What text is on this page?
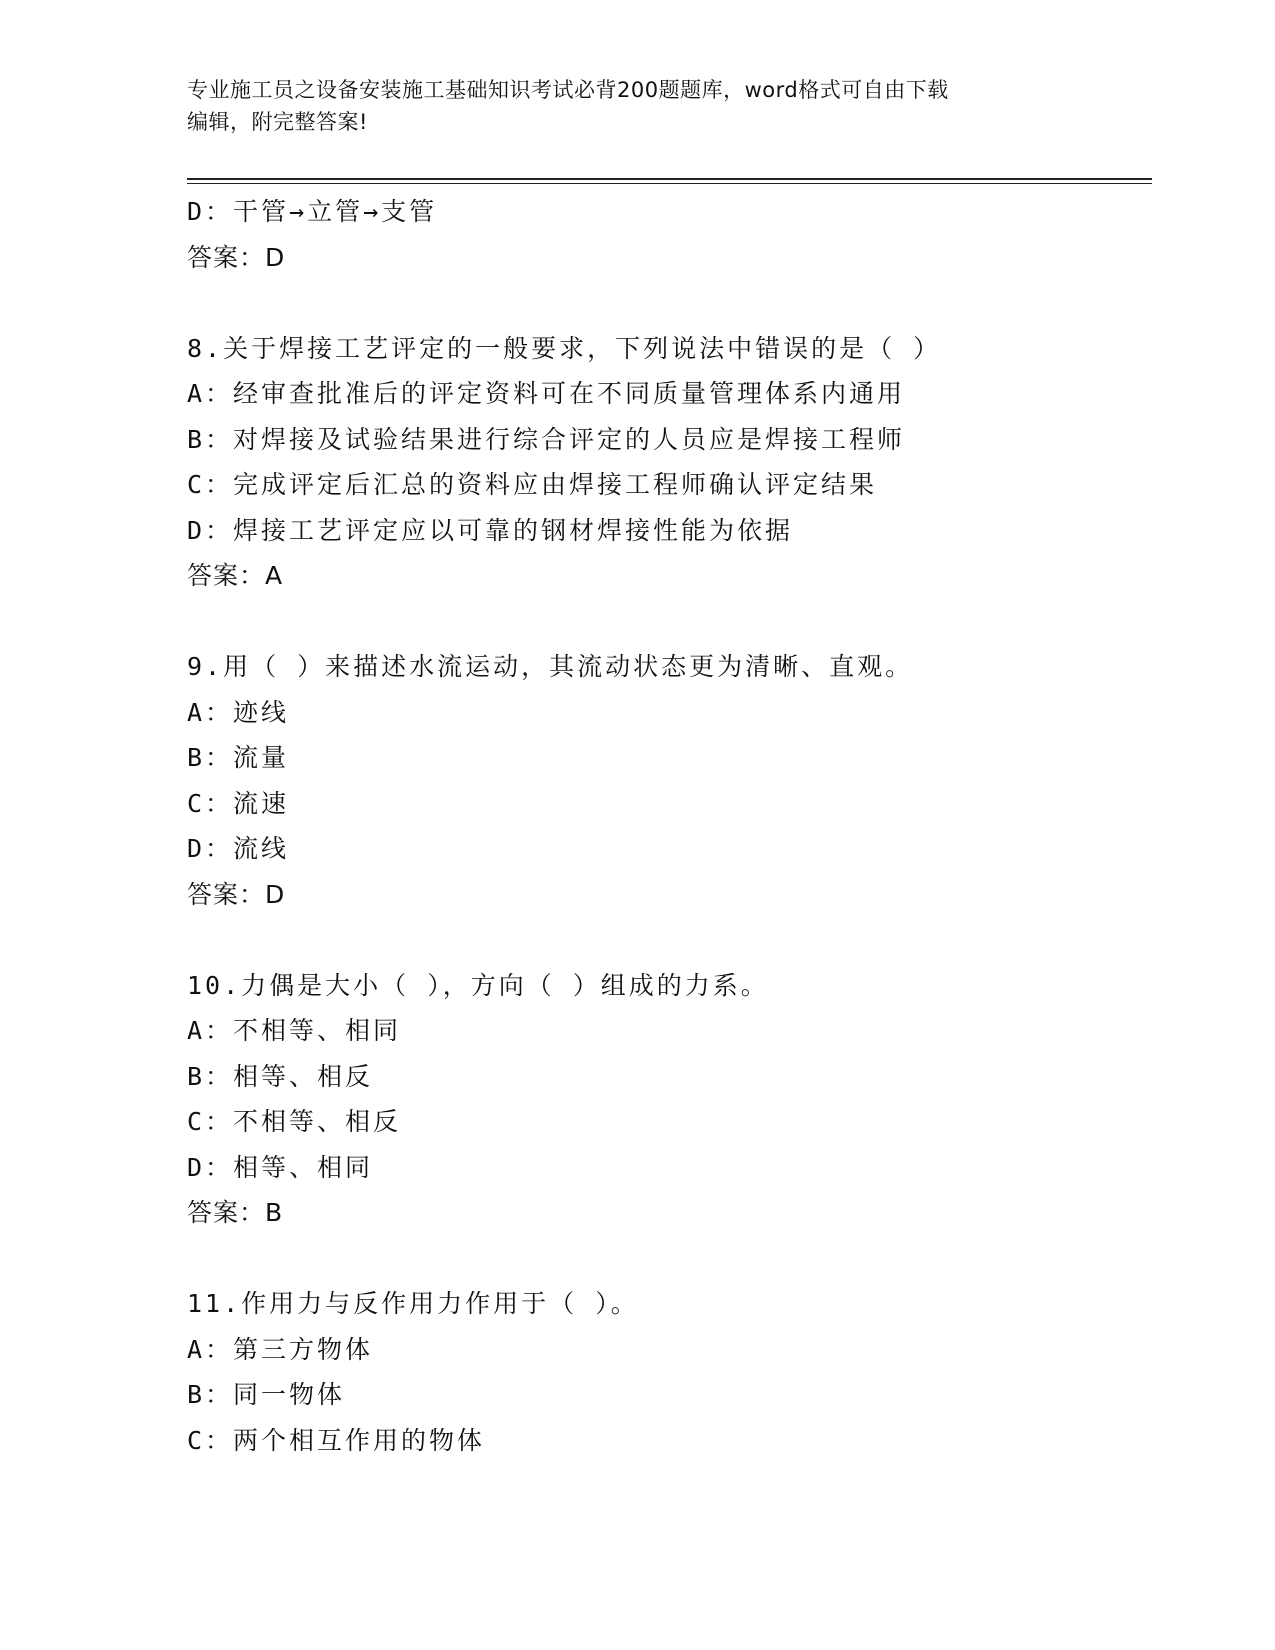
专业施工员之设备安装施工基础知识考试必背200题题库，word格式可自由下载
编辑，附完整答案!
D：干管→立管→支管
答案：D
8.关于焊接工艺评定的一般要求，下列说法中错误的是（ ）
A：经审查批准后的评定资料可在不同质量管理体系内通用
B：对焊接及试验结果进行综合评定的人员应是焊接工程师
C：完成评定后汇总的资料应由焊接工程师确认评定结果
D：焊接工艺评定应以可靠的钢材焊接性能为依据
答案：A
9.用（ ）来描述水流运动，其流动状态更为清晰、直观。
A：迹线
B：流量
C：流速
D：流线
答案：D
10.力偶是大小（ ），方向（ ）组成的力系。
A：不相等、相同
B：相等、相反
C：不相等、相反
D：相等、相同
答案：B
11.作用力与反作用力作用于（ ）。
A：第三方物体
B：同一物体
C：两个相互作用的物体
